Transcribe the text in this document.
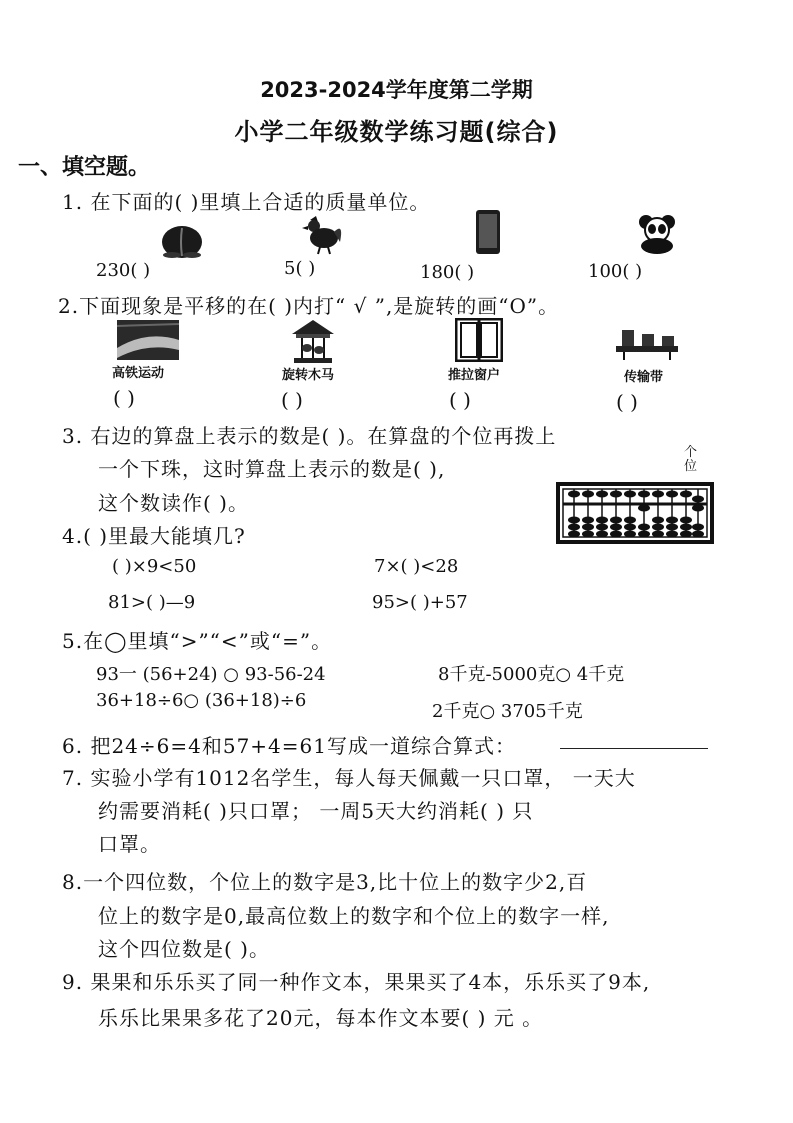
2023-2024学年度第二学期
小学二年级数学练习题(综合)
一、填空题。
1. 在下面的( )里填上合适的质量单位。
230( )	5( )	180( )	100( )
2.下面现象是平移的在( )内打“ √ ”,是旋转的画“O”。
高铁运动	旋转木马	推拉窗户	传输带
( )	( )	( )	( )
3. 右边的算盘上表示的数是( )。在算盘的个位再拨上
一个下珠，这时算盘上表示的数是( ),
这个数读作( )。
个位
4.( )里最大能填几?
( )×9<50	7×( )<28
81>( )—9	95>( )+57
5.在◯里填“>”“<”或“=”。
93一 (56+24) ○ 93-56-24	8千克-5000克○ 4千克
36+18÷6○ (36+18)÷6
2千克○ 3705千克
6. 把24÷6=4和57+4=61写成一道综合算式：
7. 实验小学有1012名学生，每人每天佩戴一只口罩， 一天大
约需要消耗( )只口罩； 一周5天大约消耗( ) 只
口罩。
8.一个四位数，个位上的数字是3,比十位上的数字少2,百
位上的数字是0,最高位数上的数字和个位上的数字一样,
这个四位数是( )。
9. 果果和乐乐买了同一种作文本，果果买了4本，乐乐买了9本,
乐乐比果果多花了20元，每本作文本要( ) 元 。
